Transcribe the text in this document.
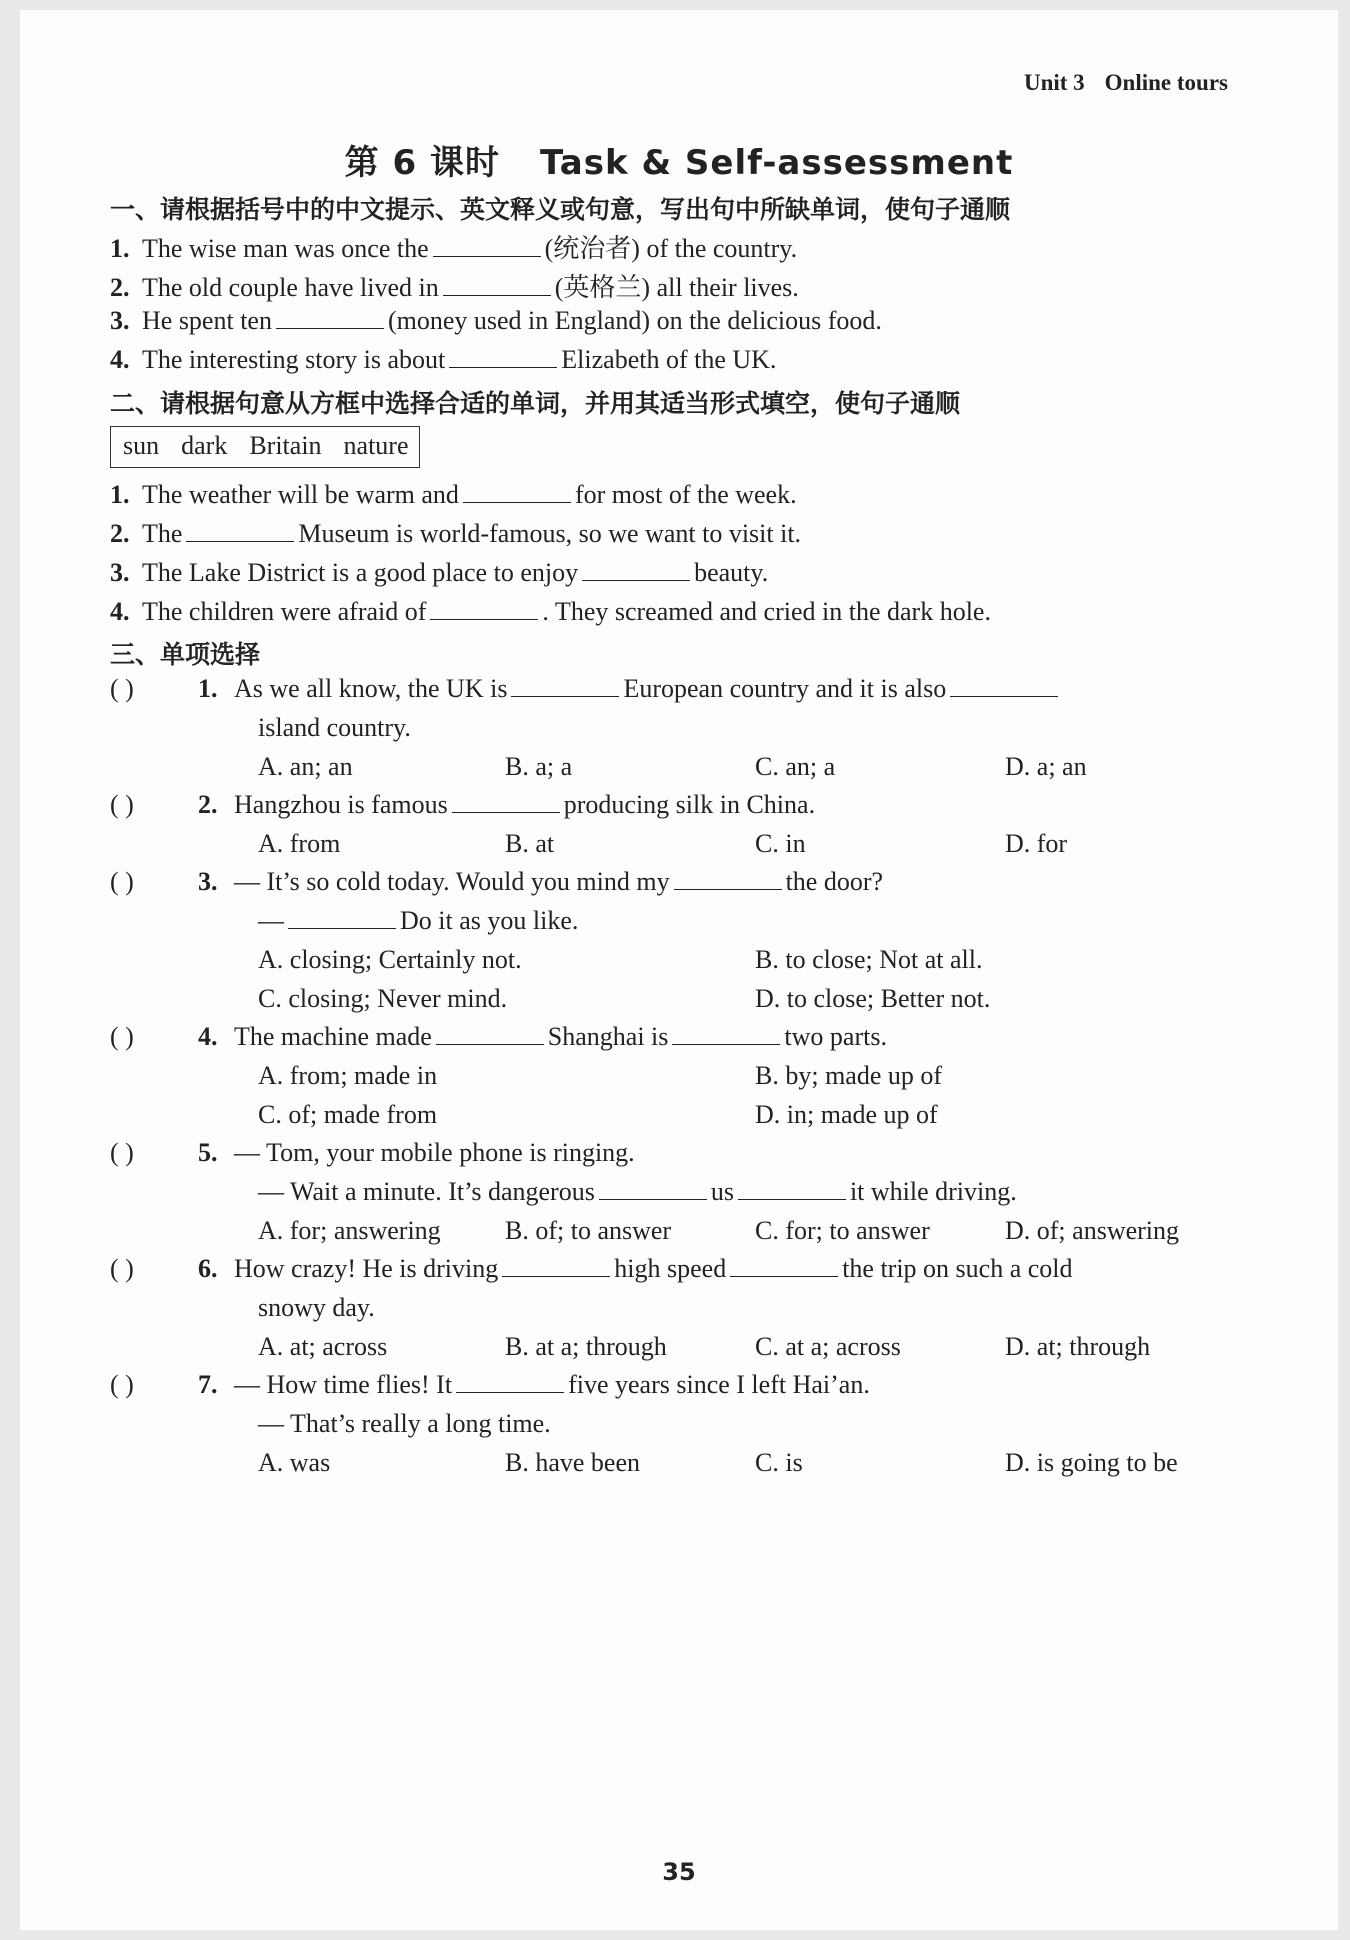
Unit 3 Online tours
第 6 课时 Task & Self-assessment
一、请根据括号中的中文提示、英文释义或句意，写出句中所缺单词，使句子通顺
1. The wise man was once the	(统治者) of the country.
2. The old couple have lived in	(英格兰) all their lives.
3. He spent ten	(money used in England) on the delicious food.
4. The interesting story is about	Elizabeth of the UK.
二、请根据句意从方框中选择合适的单词，并用其适当形式填空，使句子通顺
sun dark Britain nature
1. The weather will be warm and	for most of the week.
2. The	Museum is world-famous, so we want to visit it.
3. The Lake District is a good place to enjoy	beauty.
4. The children were afraid of	. They screamed and cried in the dark hole.
三、单项选择
( ) 1. As we all know, the UK is	European country and it is also
island country.
A. an; an	B. a; a	C. an; a	D. a; an
( ) 2. Hangzhou is famous	producing silk in China.
A. from	B. at	C. in	D. for
( ) 3. — It’s so cold today. Would you mind my	the door?
—	Do it as you like.
A. closing; Certainly not.	B. to close; Not at all.
C. closing; Never mind.	D. to close; Better not.
( ) 4. The machine made	Shanghai is	two parts.
A. from; made in	B. by; made up of
C. of; made from	D. in; made up of
( ) 5. — Tom, your mobile phone is ringing.
— Wait a minute. It’s dangerous	us	it while driving.
A. for; answering B. of; to answer	C. for; to answer	D. of; answering
( ) 6. How crazy! He is driving	high speed	the trip on such a cold
snowy day.
A. at; across	B. at a; through	C. at a; across	D. at; through
( ) 7. — How time flies! It	five years since I left Hai’an.
— That’s really a long time.
A. was	B. have been	C. is	D. is going to be
35
